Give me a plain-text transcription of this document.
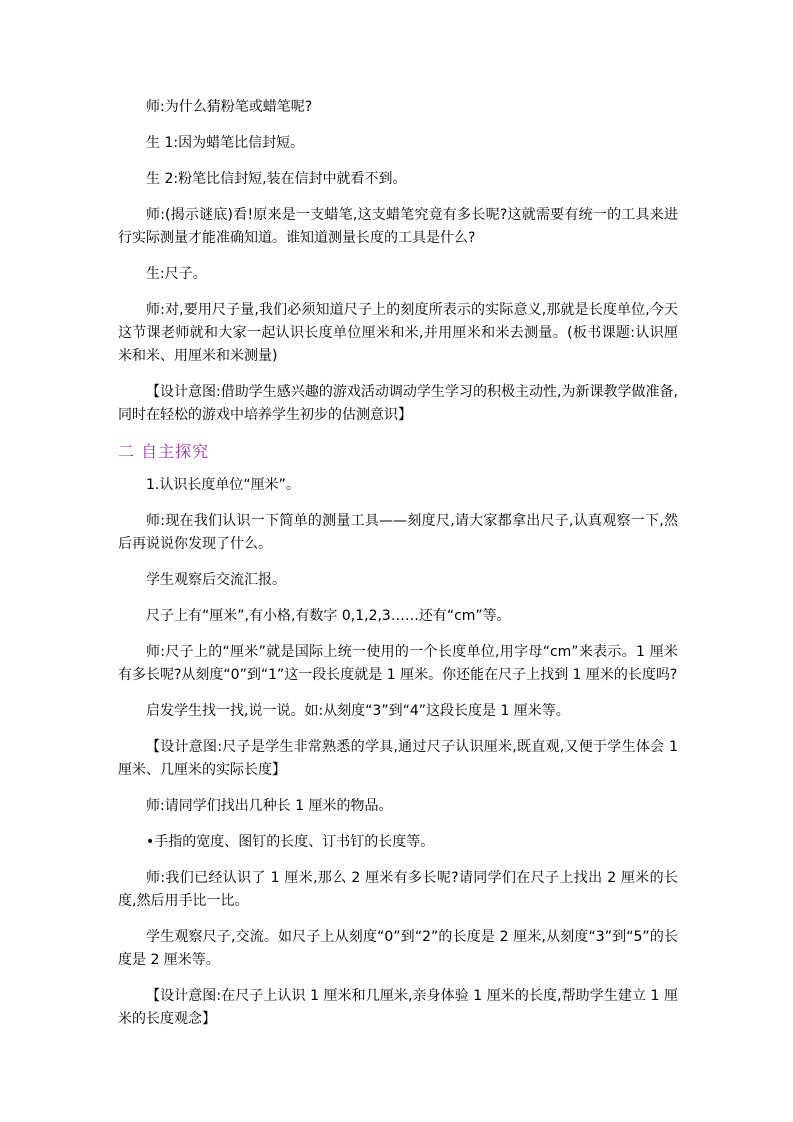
师:为什么猜粉笔或蜡笔呢?

生 1:因为蜡笔比信封短。

生 2:粉笔比信封短,装在信封中就看不到。

师:(揭示谜底)看!原来是一支蜡笔,这支蜡笔究竟有多长呢?这就需要有统一的工具来进行实际测量才能准确知道。谁知道测量长度的工具是什么?

生:尺子。

师:对,要用尺子量,我们必须知道尺子上的刻度所表示的实际意义,那就是长度单位,今天这节课老师就和大家一起认识长度单位厘米和米,并用厘米和米去测量。(板书课题:认识厘米和米、用厘米和米测量)

【设计意图:借助学生感兴趣的游戏活动调动学生学习的积极主动性,为新课教学做准备,同时在轻松的游戏中培养学生初步的估测意识】

二 自主探究

1.认识长度单位“厘米”。

师:现在我们认识一下简单的测量工具——刻度尺,请大家都拿出尺子,认真观察一下,然后再说说你发现了什么。

学生观察后交流汇报。

尺子上有“厘米”,有小格,有数字 0,1,2,3……还有“cm”等。

师:尺子上的“厘米”就是国际上统一使用的一个长度单位,用字母“cm”来表示。1 厘米有多长呢?从刻度“0”到“1”这一段长度就是 1 厘米。你还能在尺子上找到 1 厘米的长度吗?

启发学生找一找,说一说。如:从刻度“3”到“4”这段长度是 1 厘米等。

【设计意图:尺子是学生非常熟悉的学具,通过尺子认识厘米,既直观,又便于学生体会 1 厘米、几厘米的实际长度】

师:请同学们找出几种长 1 厘米的物品。

•手指的宽度、图钉的长度、订书钉的长度等。

师:我们已经认识了 1 厘米,那么 2 厘米有多长呢?请同学们在尺子上找出 2 厘米的长度,然后用手比一比。

学生观察尺子,交流。如尺子上从刻度“0”到“2”的长度是 2 厘米,从刻度“3”到“5”的长度是 2 厘米等。

【设计意图:在尺子上认识 1 厘米和几厘米,亲身体验 1 厘米的长度,帮助学生建立 1 厘米的长度观念】
